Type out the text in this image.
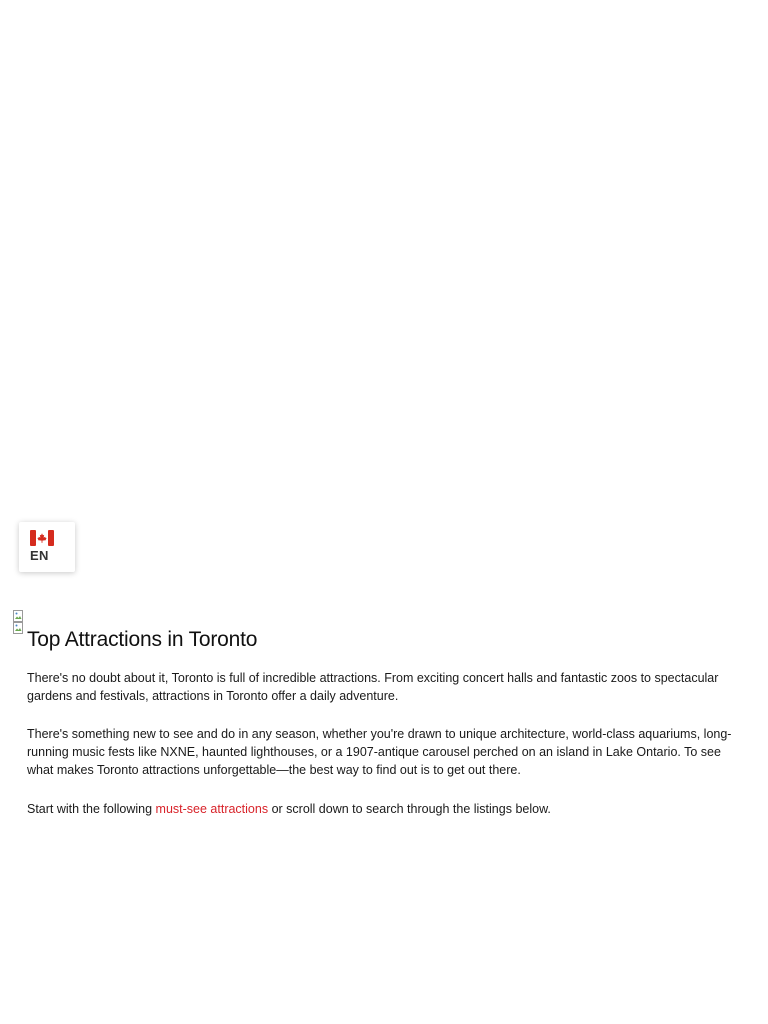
EN
Top Attractions in Toronto

There's no doubt about it, Toronto is full of incredible attractions. From exciting concert halls and fantastic zoos to spectacular gardens and festivals, attractions in Toronto offer a daily adventure.

There's something new to see and do in any season, whether you're drawn to unique architecture, world-class aquariums, long-running music fests like NXNE, haunted lighthouses, or a 1907-antique carousel perched on an island in Lake Ontario. To see what makes Toronto attractions unforgettable—the best way to find out is to get out there.

Start with the following must-see attractions or scroll down to search through the listings below.
